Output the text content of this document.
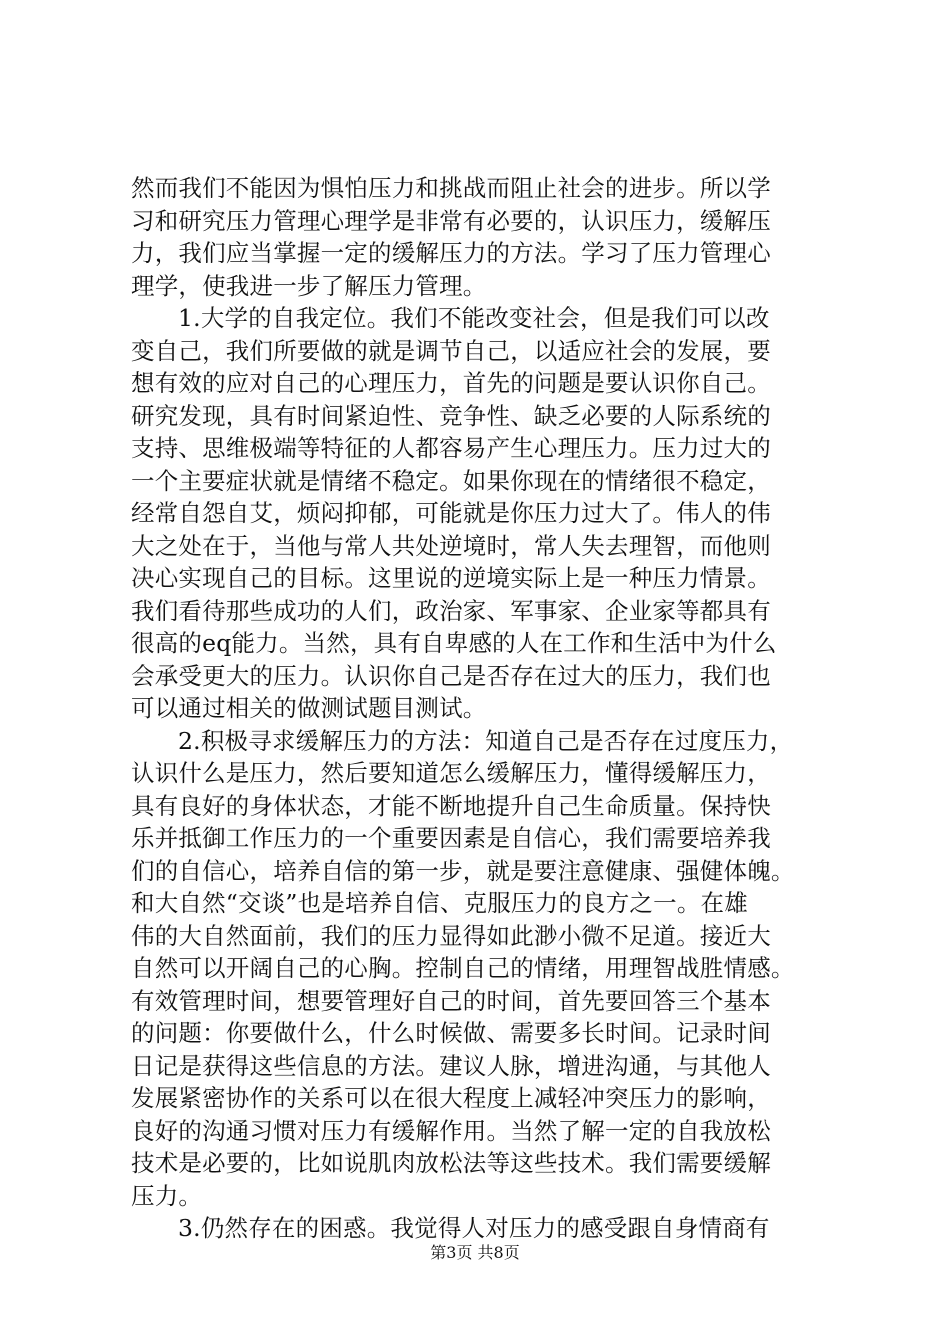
然而我们不能因为惧怕压力和挑战而阻止社会的进步。所以学
习和研究压力管理心理学是非常有必要的，认识压力，缓解压
力，我们应当掌握一定的缓解压力的方法。学习了压力管理心
理学，使我进一步了解压力管理。
1.大学的自我定位。我们不能改变社会，但是我们可以改
变自己，我们所要做的就是调节自己，以适应社会的发展，要
想有效的应对自己的心理压力，首先的问题是要认识你自己。
研究发现，具有时间紧迫性、竞争性、缺乏必要的人际系统的
支持、思维极端等特征的人都容易产生心理压力。压力过大的
一个主要症状就是情绪不稳定。如果你现在的情绪很不稳定，
经常自怨自艾，烦闷抑郁，可能就是你压力过大了。伟人的伟
大之处在于，当他与常人共处逆境时，常人失去理智，而他则
决心实现自己的目标。这里说的逆境实际上是一种压力情景。
我们看待那些成功的人们，政治家、军事家、企业家等都具有
很高的eq能力。当然，具有自卑感的人在工作和生活中为什么
会承受更大的压力。认识你自己是否存在过大的压力，我们也
可以通过相关的做测试题目测试。
2.积极寻求缓解压力的方法：知道自己是否存在过度压力，
认识什么是压力，然后要知道怎么缓解压力，懂得缓解压力，
具有良好的身体状态，才能不断地提升自己生命质量。保持快
乐并抵御工作压力的一个重要因素是自信心，我们需要培养我
们的自信心，培养自信的第一步，就是要注意健康、强健体魄。
和大自然“交谈”也是培养自信、克服压力的良方之一。在雄
伟的大自然面前，我们的压力显得如此渺小微不足道。接近大
自然可以开阔自己的心胸。控制自己的情绪，用理智战胜情感。
有效管理时间，想要管理好自己的时间，首先要回答三个基本
的问题：你要做什么，什么时候做、需要多长时间。记录时间
日记是获得这些信息的方法。建议人脉，增进沟通，与其他人
发展紧密协作的关系可以在很大程度上减轻冲突压力的影响，
良好的沟通习惯对压力有缓解作用。当然了解一定的自我放松
技术是必要的，比如说肌肉放松法等这些技术。我们需要缓解
压力。
3.仍然存在的困惑。我觉得人对压力的感受跟自身情商有
第3页 共8页
